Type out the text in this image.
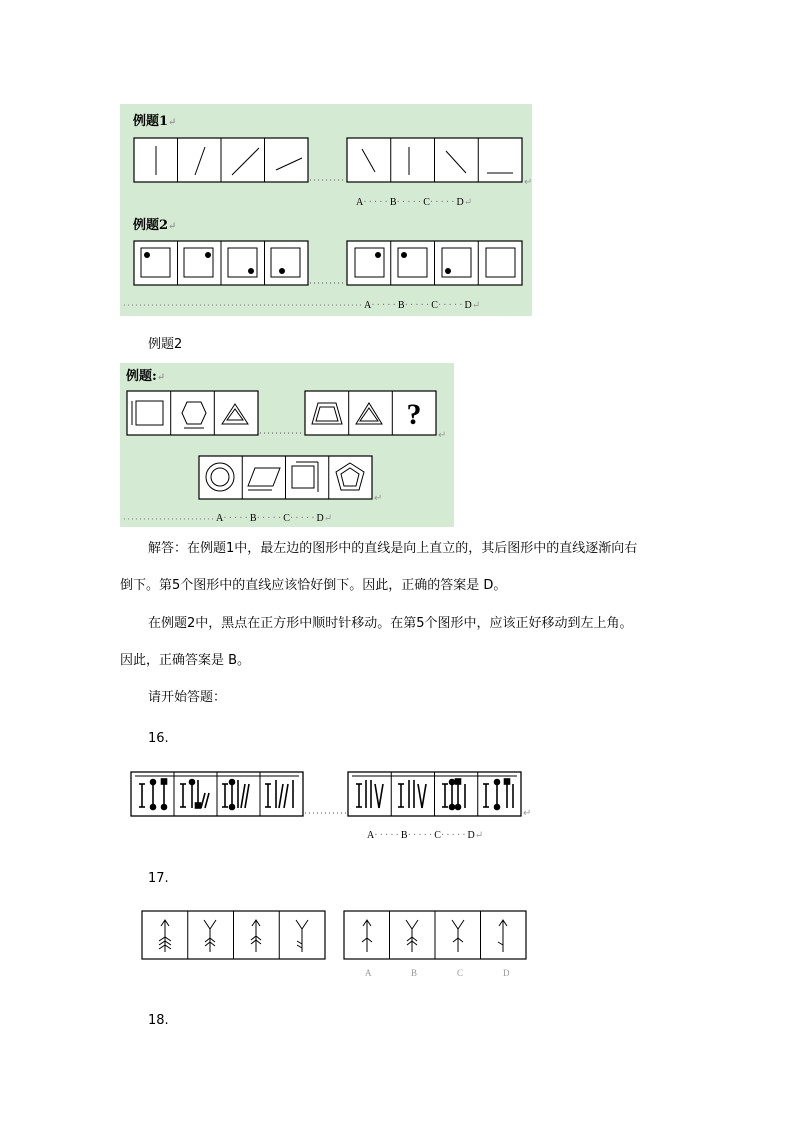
例题1↵
↵
A·····B·····C·····D↵
例题2↵
A·····B·····C·····D↵
例题2
例题:↵
?
↵
↵
A·····B·····C·····D↵
解答：在例题1中，最左边的图形中的直线是向上直立的，其后图形中的直线逐渐向右
倒下。第5个图形中的直线应该恰好倒下。因此，正确的答案是 D。
在例题2中，黑点在正方形中顺时针移动。在第5个图形中，应该正好移动到左上角。
因此，正确答案是 B。
请开始答题：
16.
↵
A·····B·····C·····D↵
17.
A	B	C	D
18.
